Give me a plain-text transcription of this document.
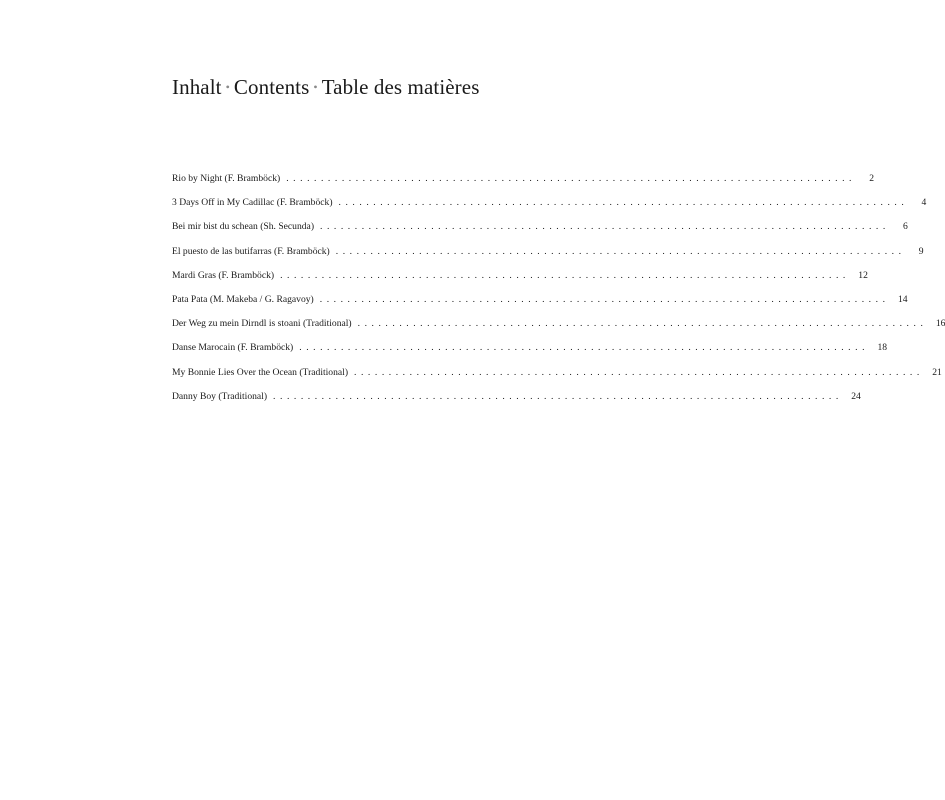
Inhalt • Contents • Table des matières
Rio by Night (F. Bramböck) ..................................................................................	2
3 Days Off in My Cadillac (F. Bramböck) ..................................................................................	4
Bei mir bist du schean (Sh. Secunda) ..................................................................................	6
El puesto de las butifarras (F. Bramböck) ..................................................................................	9
Mardi Gras (F. Bramböck) .................................................................................. 12
Pata Pata (M. Makeba / G. Ragavoy) .................................................................................. 14
Der Weg zu mein Dirndl is stoani (Traditional) .................................................................................. 16
Danse Marocain (F. Bramböck) .................................................................................. 18
My Bonnie Lies Over the Ocean (Traditional) .................................................................................. 21
Danny Boy (Traditional) .................................................................................. 24
